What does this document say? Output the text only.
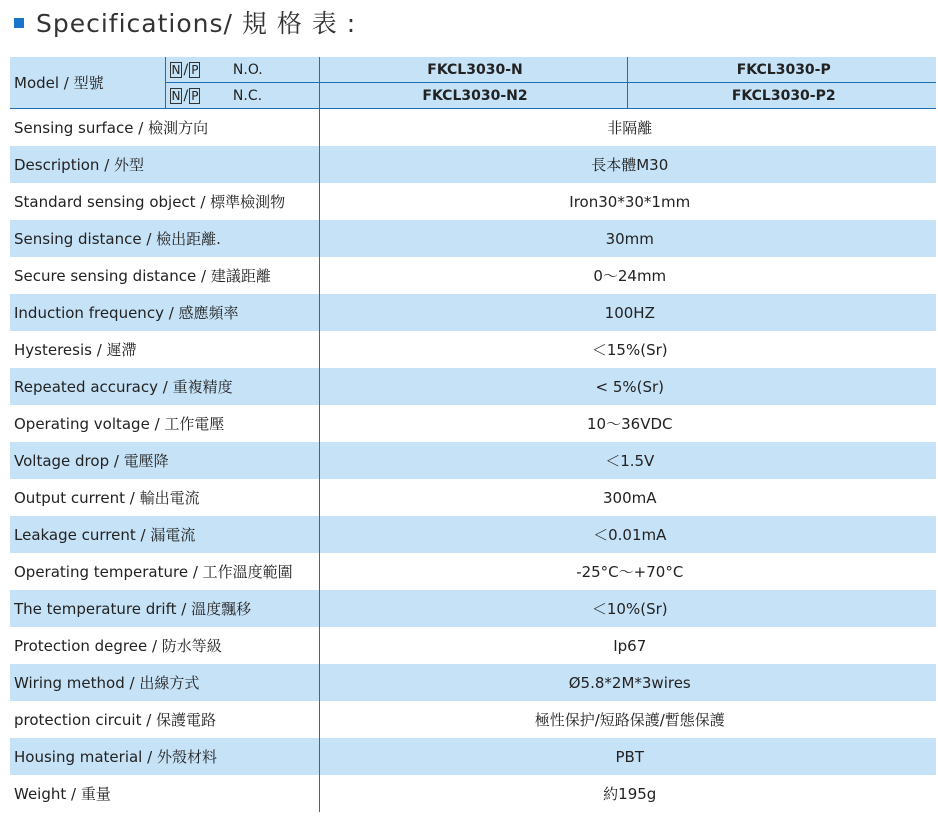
Specifications/ 規 格 表 :
Model / 型號	N / P N.O.	FKCL3030-N	FKCL3030-P
	N / P N.C.	FKCL3030-N2	FKCL3030-P2
Sensing surface / 檢測方向		非隔離	
Description / 外型		長本體M30	
Standard sensing object / 標準檢測物		Iron30*30*1mm	
Sensing distance / 檢出距離.		30mm	
Secure sensing distance / 建議距離		0～24mm	
Induction frequency / 感應頻率		100HZ	
Hysteresis / 遲滯		＜15%(Sr)	
Repeated accuracy / 重複精度		< 5%(Sr)	
Operating voltage / 工作電壓		10～36VDC	
Voltage drop / 電壓降		＜1.5V	
Output current / 輸出電流		300mA	
Leakage current / 漏電流		＜0.01mA	
Operating temperature / 工作溫度範圍		-25°C～+70°C	
The temperature drift / 溫度飄移		＜10%(Sr)	
Protection degree / 防水等級		Ip67	
Wiring method / 出線方式		Ø5.8*2M*3wires	
protection circuit / 保護電路		極性保护/短路保護/暫態保護	
Housing material / 外殼材料		PBT	
Weight / 重量		約195g	
